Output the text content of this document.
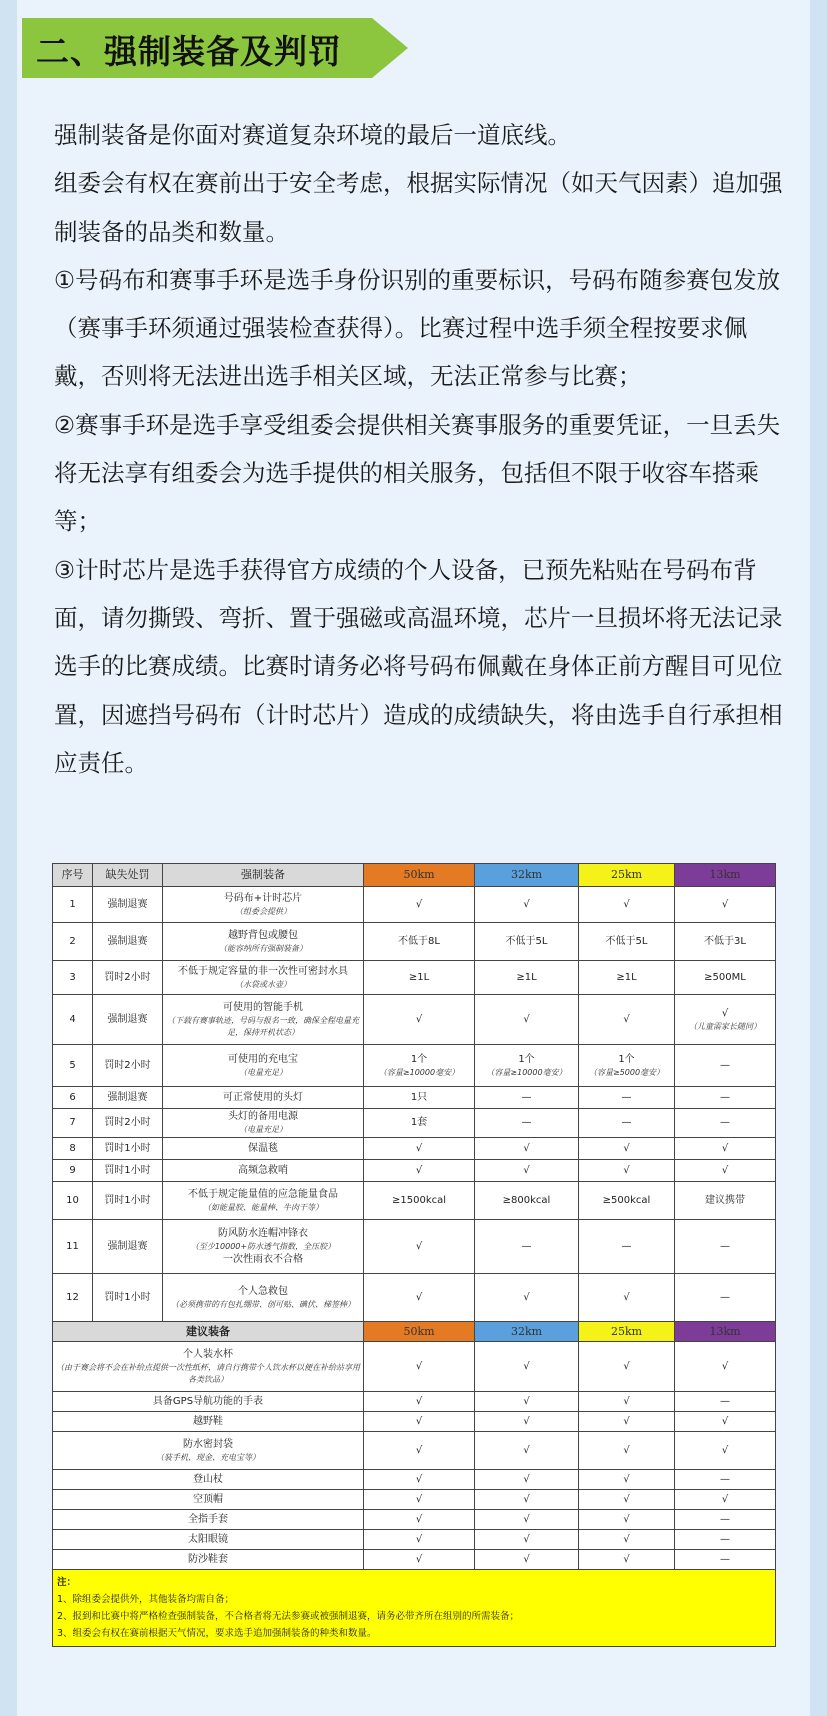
二、强制装备及判罚

强制装备是你面对赛道复杂环境的最后一道底线。

组委会有权在赛前出于安全考虑，根据实际情况（如天气因素）追加强制装备的品类和数量。

①号码布和赛事手环是选手身份识别的重要标识，号码布随参赛包发放（赛事手环须通过强装检查获得）。比赛过程中选手须全程按要求佩戴，否则将无法进出选手相关区域，无法正常参与比赛；

②赛事手环是选手享受组委会提供相关赛事服务的重要凭证，一旦丢失将无法享有组委会为选手提供的相关服务，包括但不限于收容车搭乘等；

③计时芯片是选手获得官方成绩的个人设备，已预先粘贴在号码布背面，请勿撕毁、弯折、置于强磁或高温环境，芯片一旦损坏将无法记录选手的比赛成绩。比赛时请务必将号码布佩戴在身体正前方醒目可见位置，因遮挡号码布（计时芯片）造成的成绩缺失，将由选手自行承担相应责任。

序号	缺失处罚	强制装备	50km	32km	25km	13km
1	强制退赛	号码布+计时芯片
（组委会提供）	√	√	√	√

2	强制退赛	越野背包或腰包
（能容纳所有强制装备）	不低于8L	不低于5L	不低于5L	不低于3L

3	罚时2小时	不低于规定容量的非一次性可密封水具
（水袋或水壶）	≥1L	≥1L	≥1L	≥500ML

4	强制退赛	可使用的智能手机
（下载有赛事轨迹，号码与报名一致，确保全程电量充足，保持开机状态）	√	√	√	√
（儿童需家长随同）

5	罚时2小时	可使用的充电宝
（电量充足）	1个
（容量≥10000毫安）	1个
（容量≥10000毫安）	1个
（容量≥5000毫安）	—

6	强制退赛	可正常使用的头灯	1只	—	—	—

7	罚时2小时	头灯的备用电源
（电量充足）	1套	—	—	—

8	罚时1小时	保温毯	√	√	√	√

9	罚时1小时	高频急救哨	√	√	√	√

10	罚时1小时	不低于规定能量值的应急能量食品
（如能量胶、能量棒、牛肉干等）	≥1500kcal	≥800kcal	≥500kcal	建议携带

11	强制退赛	防风防水连帽冲锋衣
（至少10000+防水透气指数，全压胶）
一次性雨衣不合格	√	—	—	—

12	罚时1小时	个人急救包
（必须携带的有包扎绷带、创可贴、碘伏、梯签棒）	√	√	√	—

建议装备			50km	32km	25km	13km

个人装水杯
（由于赛会将不会在补给点提供一次性纸杯，请自行携带个人饮水杯以便在补给站享用各类饮品）			√	√	√	√

具备GPS导航功能的手表			√	√	√	—

越野鞋			√	√	√	√

防水密封袋
（装手机、现金、充电宝等）			√	√	√	√

登山杖			√	√	√	—

空顶帽			√	√	√	√

全指手套			√	√	√	—

太阳眼镜			√	√	√	—

防沙鞋套			√	√	√	—

注：
1、除组委会提供外，其他装备均需自备；
2、报到和比赛中将严格检查强制装备，不合格者将无法参赛或被强制退赛，请务必带齐所在组别的所需装备；
3、组委会有权在赛前根据天气情况，要求选手追加强制装备的种类和数量。						
